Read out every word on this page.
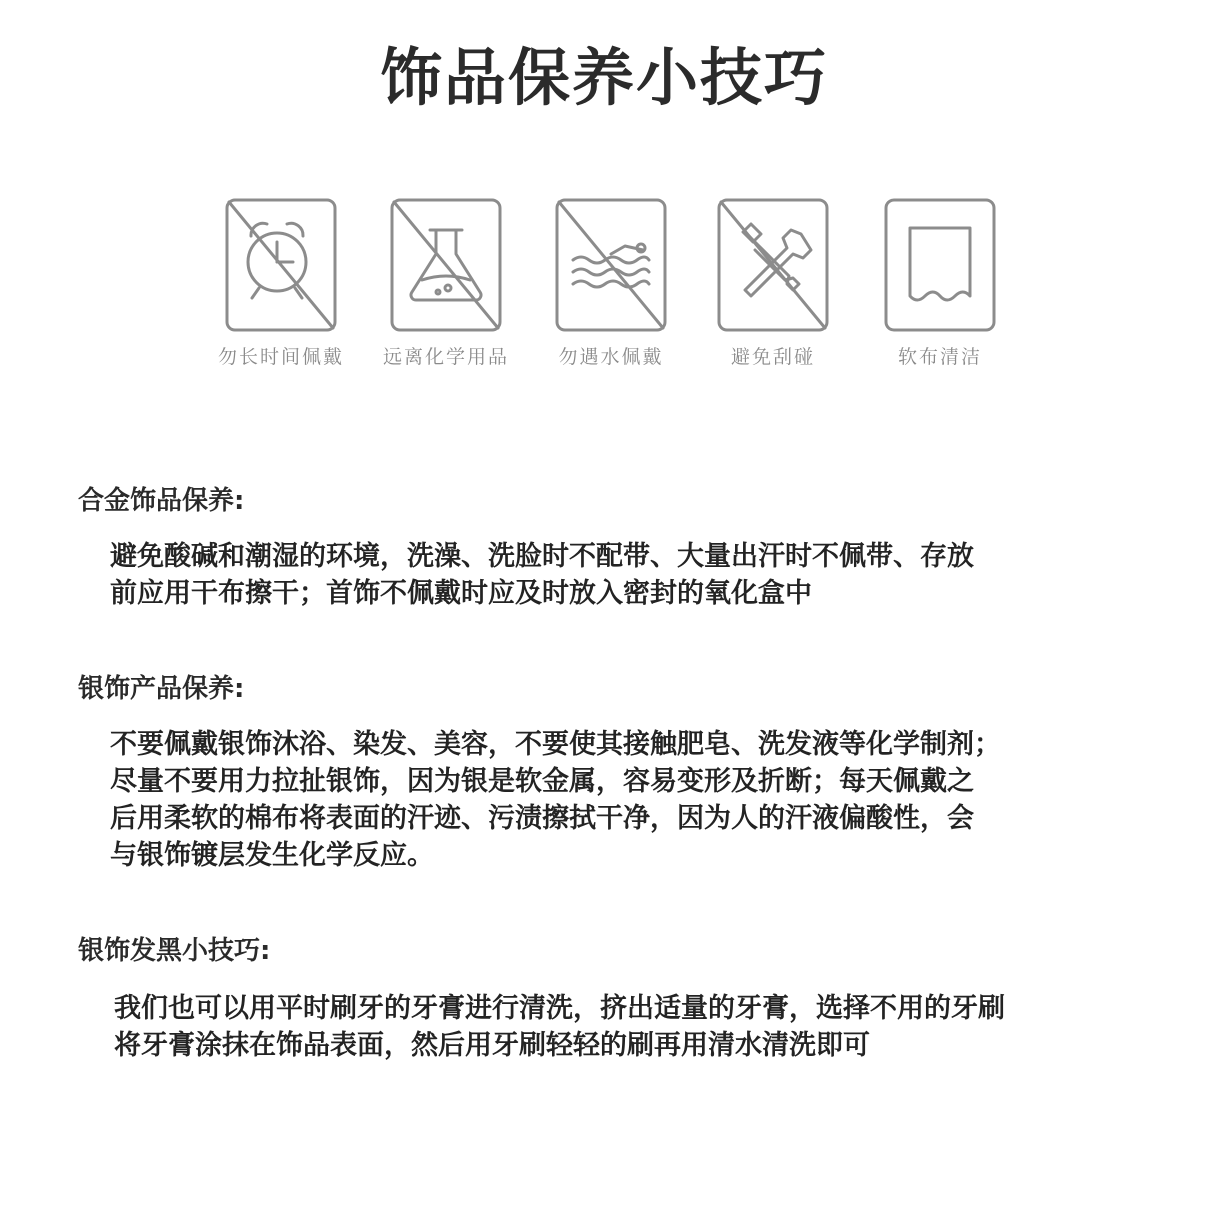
饰品保养小技巧
勿长时间佩戴	远离化学用品	勿遇水佩戴	避免刮碰	软布清洁
合金饰品保养:
避免酸碱和潮湿的环境，洗澡、洗脸时不配带、大量出汗时不佩带、存放
前应用干布擦干；首饰不佩戴时应及时放入密封的氧化盒中
银饰产品保养:
不要佩戴银饰沐浴、染发、美容，不要使其接触肥皂、洗发液等化学制剂；
尽量不要用力拉扯银饰，因为银是软金属，容易变形及折断；每天佩戴之
后用柔软的棉布将表面的汗迹、污渍擦拭干净，因为人的汗液偏酸性，会
与银饰镀层发生化学反应。
银饰发黑小技巧:
我们也可以用平时刷牙的牙膏进行清洗，挤出适量的牙膏，选择不用的牙刷
将牙膏涂抹在饰品表面，然后用牙刷轻轻的刷再用清水清洗即可
